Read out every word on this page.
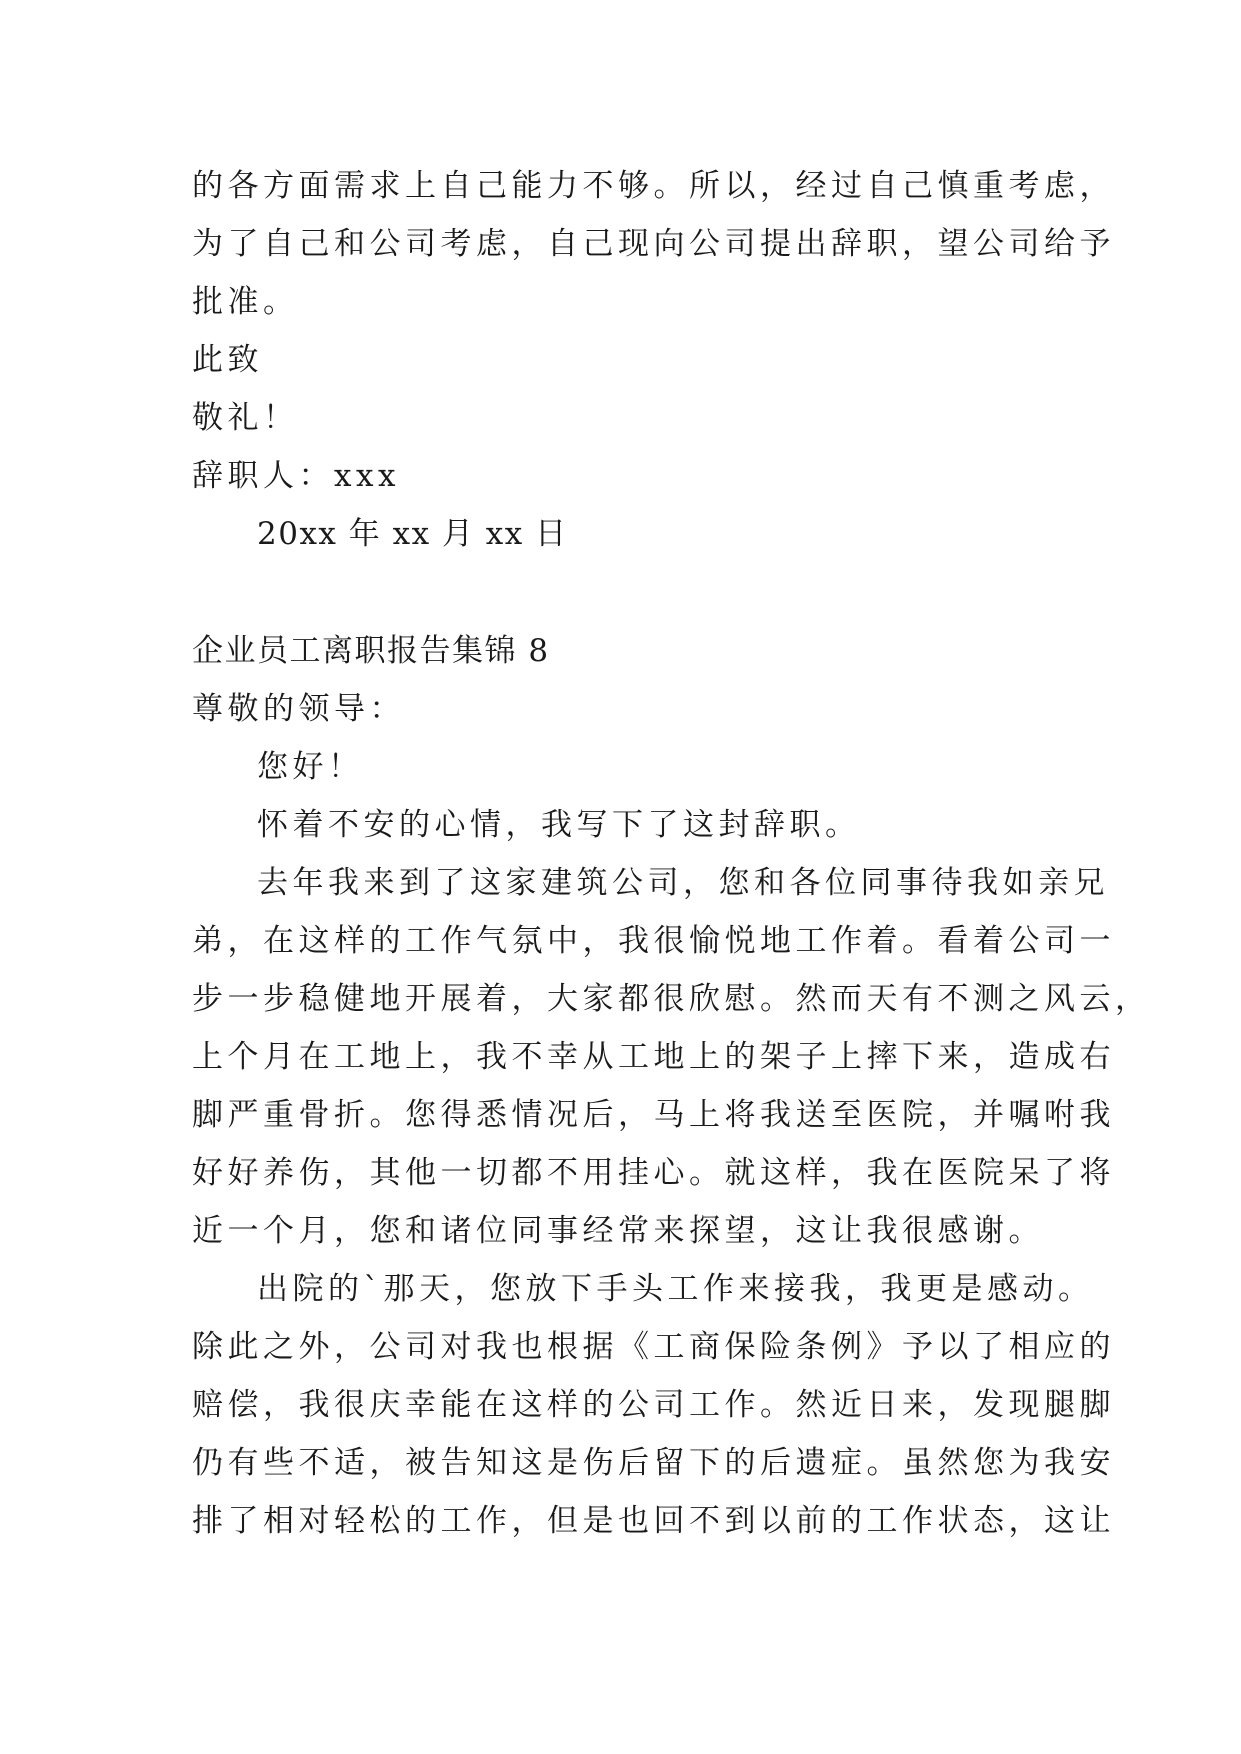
的各方面需求上自己能力不够。所以，经过自己慎重考虑，
为了自己和公司考虑，自己现向公司提出辞职，望公司给予
批准。
此致
敬礼！
辞职人：xxx
20xx 年 xx 月 xx 日
企业员工离职报告集锦 8
尊敬的领导：
您好！
怀着不安的心情，我写下了这封辞职。
去年我来到了这家建筑公司，您和各位同事待我如亲兄
弟，在这样的工作气氛中，我很愉悦地工作着。看着公司一
步一步稳健地开展着，大家都很欣慰。然而天有不测之风云，
上个月在工地上，我不幸从工地上的架子上摔下来，造成右
脚严重骨折。您得悉情况后，马上将我送至医院，并嘱咐我
好好养伤，其他一切都不用挂心。就这样，我在医院呆了将
近一个月，您和诸位同事经常来探望，这让我很感谢。
出院的`那天，您放下手头工作来接我，我更是感动。
除此之外，公司对我也根据《工商保险条例》予以了相应的
赔偿，我很庆幸能在这样的公司工作。然近日来，发现腿脚
仍有些不适，被告知这是伤后留下的后遗症。虽然您为我安
排了相对轻松的工作，但是也回不到以前的工作状态，这让
